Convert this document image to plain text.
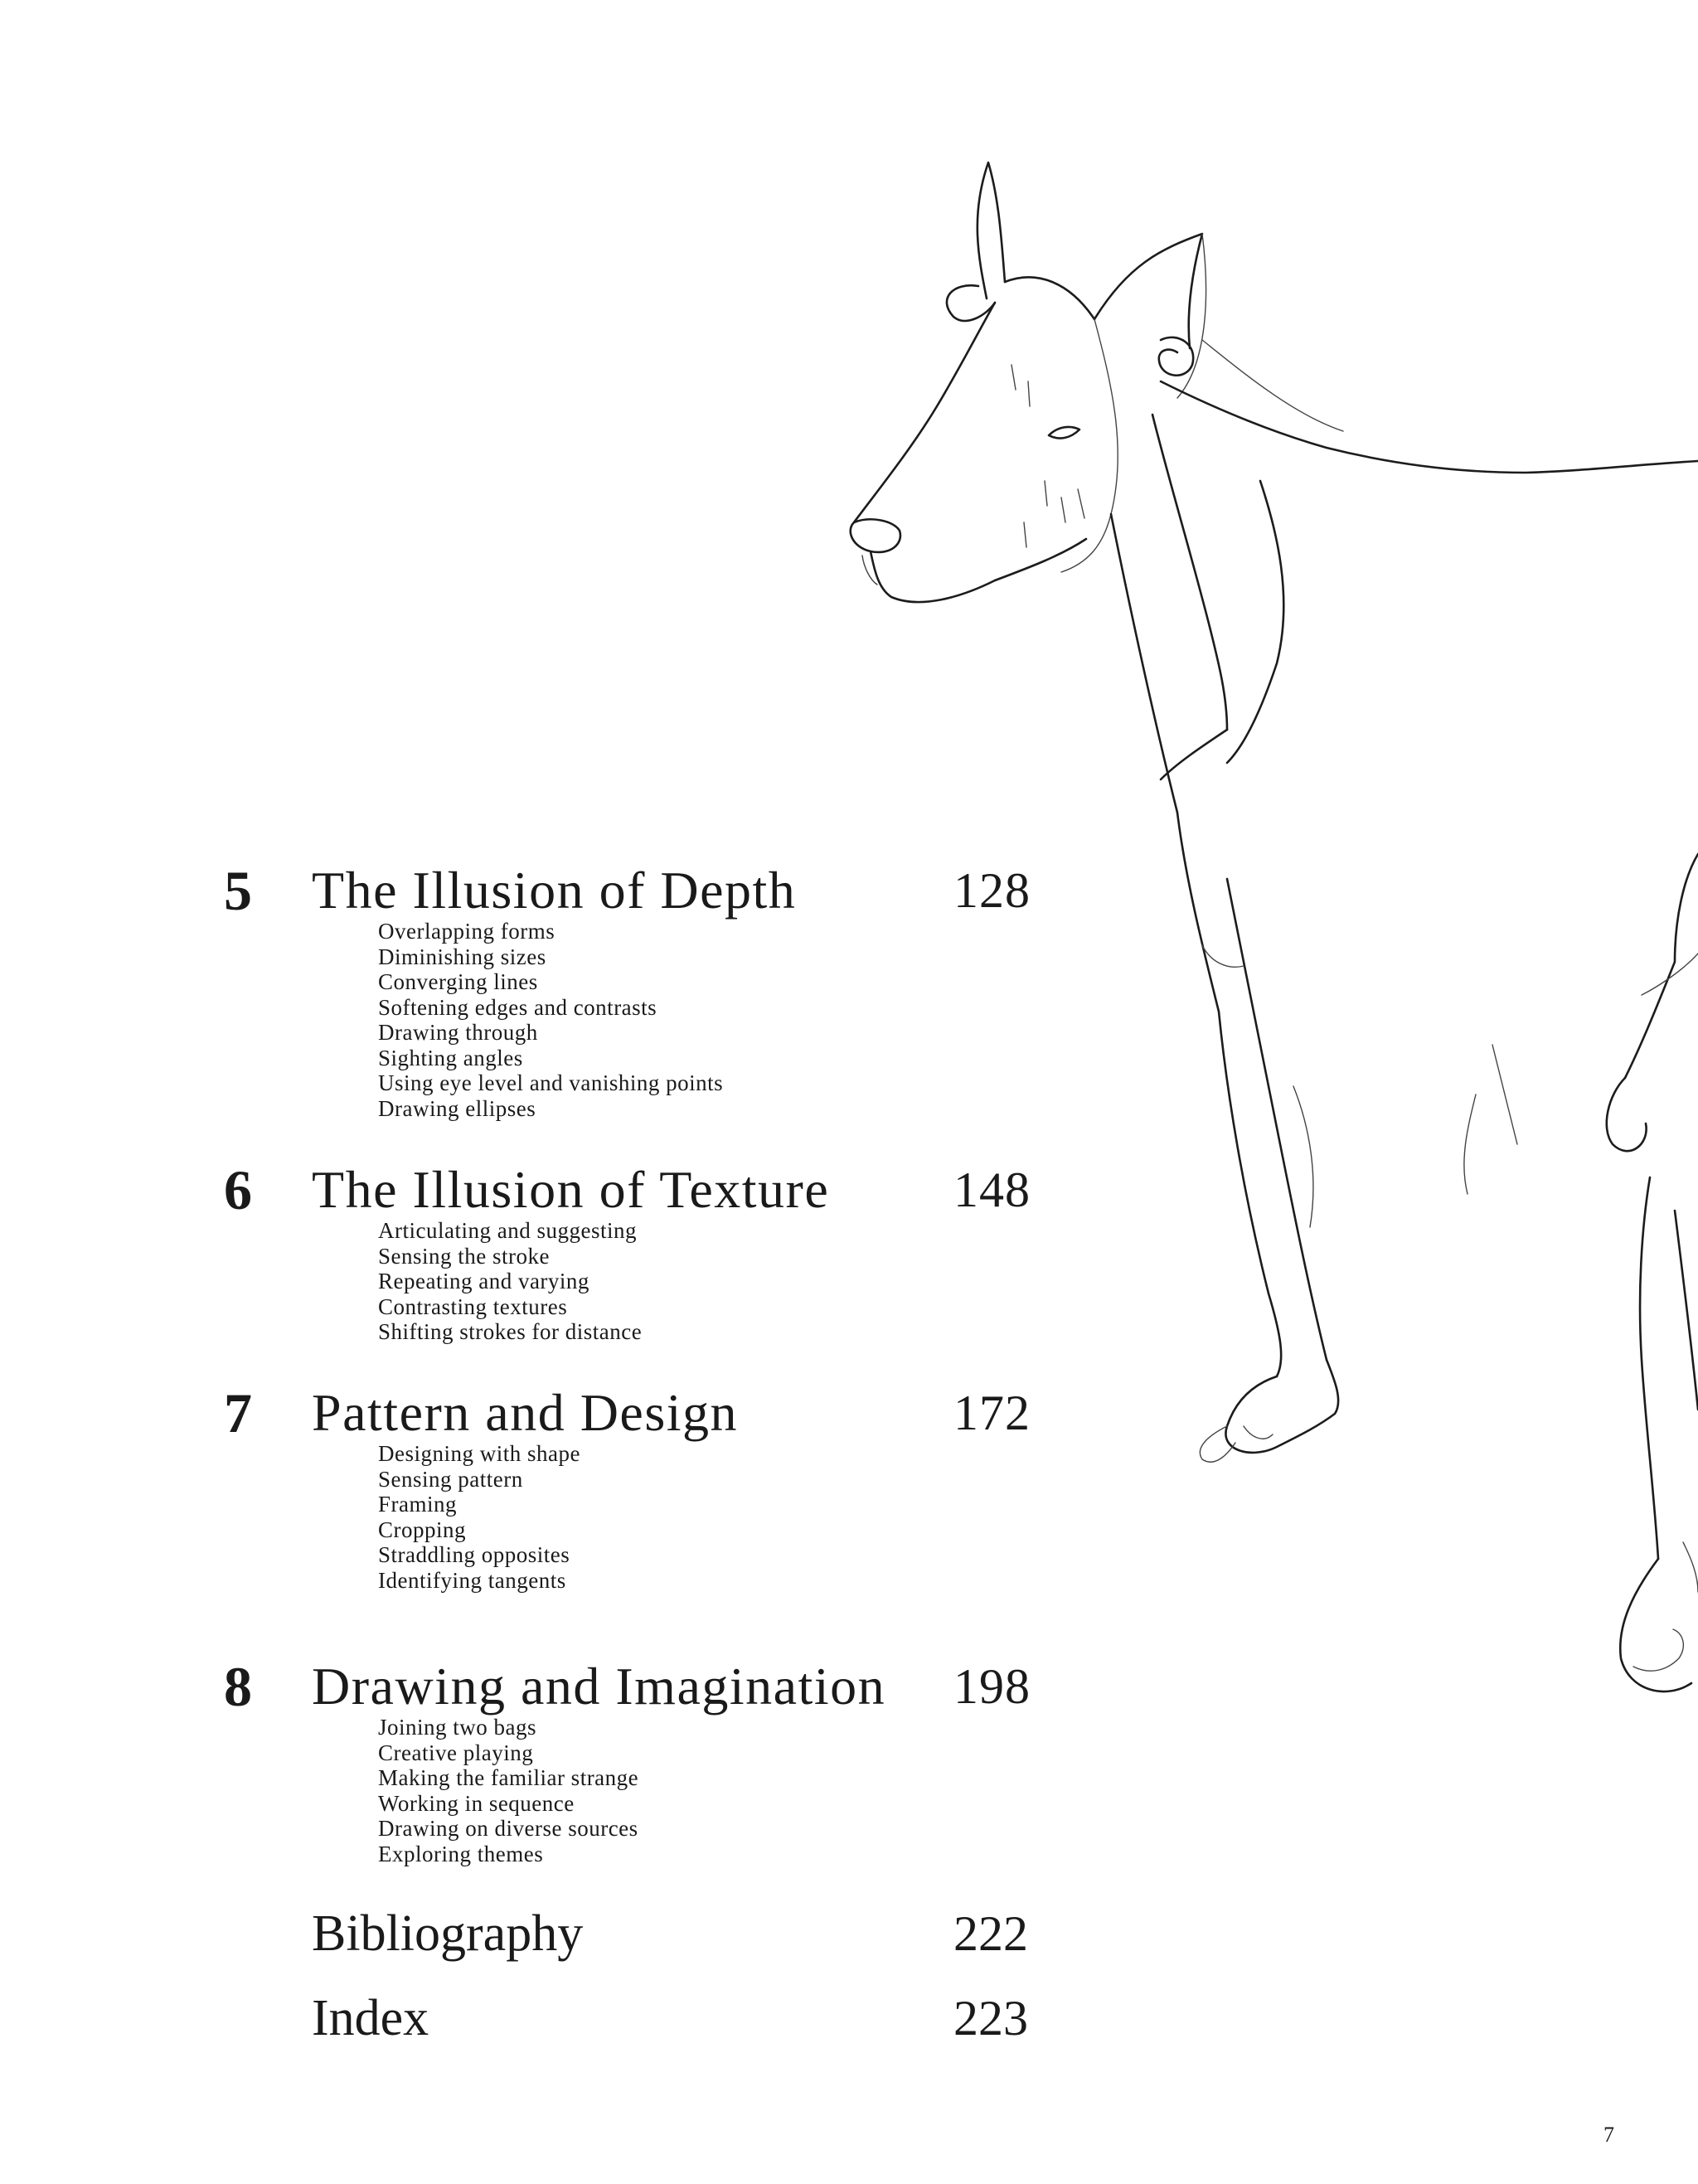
5 The Illusion of Depth	128
Overlapping forms
Diminishing sizes
Converging lines
Softening edges and contrasts
Drawing through
Sighting angles
Using eye level and vanishing points
Drawing ellipses
6 The Illusion of Texture 148
Articulating and suggesting
Sensing the stroke
Repeating and varying
Contrasting textures
Shifting strokes for distance
7 Pattern and Design	172
Designing with shape
Sensing pattern
Framing
Cropping
Straddling opposites
Identifying tangents
8 Drawing and Imagination 198
Joining two bags
Creative playing
Making the familiar strange
Working in sequence
Drawing on diverse sources
Exploring themes
Bibliography	222
Index	223
7
